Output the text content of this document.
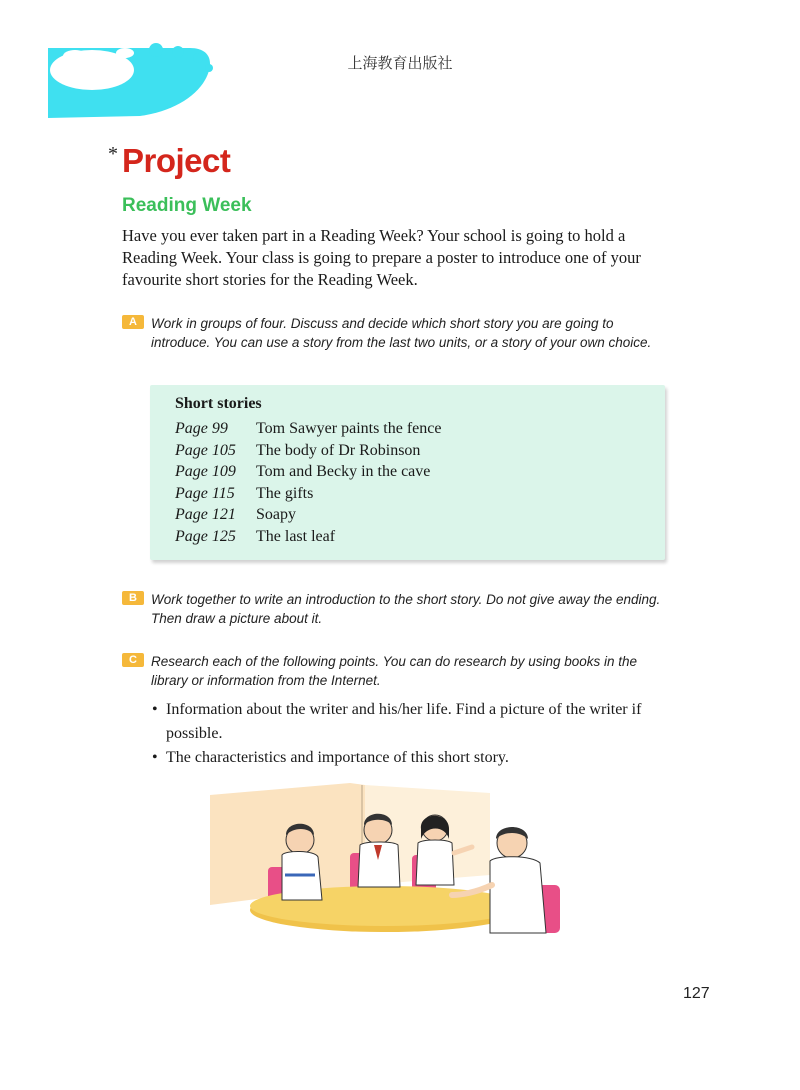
上海教育出版社
* Project
Reading Week

Have you ever taken part in a Reading Week? Your school is going to hold a Reading Week. Your class is going to prepare a poster to introduce one of your favourite short stories for the Reading Week.

A	Work in groups of four. Discuss and decide which short story you are going to introduce. You can use a story from the last two units, or a story of your own choice.
Short stories
Page 99	Tom Sawyer paints the fence
Page 105	The body of Dr Robinson
Page 109	Tom and Becky in the cave
Page 115	The gifts
Page 121	Soapy
Page 125	The last leaf
B	Work together to write an introduction to the short story. Do not give away the ending. Then draw a picture about it.
C	Research each of the following points. You can do research by using books in the library or information from the Internet.
• Information about the writer and his/her life. Find a picture of the writer if possible.
• The characteristics and importance of this short story.
127
